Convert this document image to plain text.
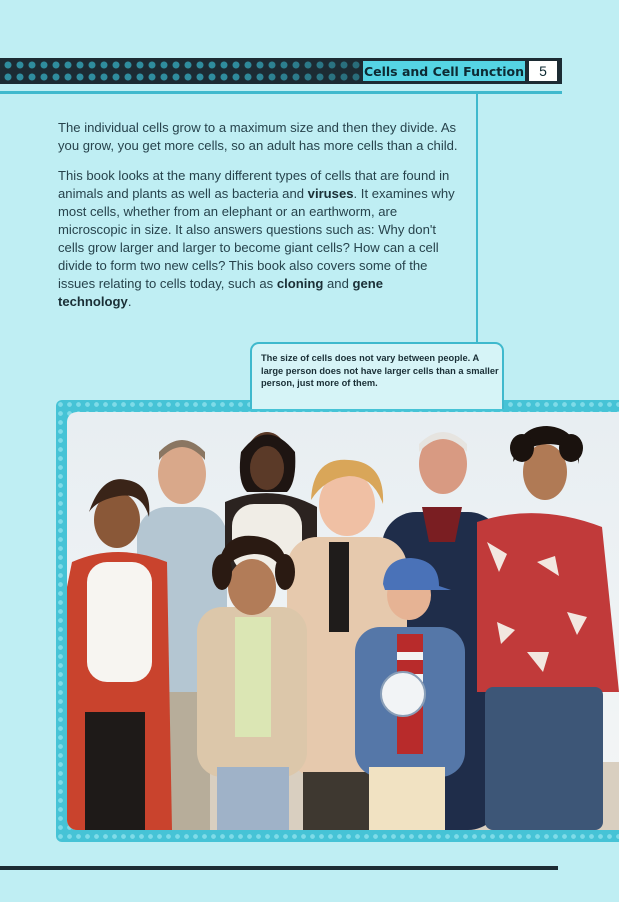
Cells and Cell Function	5

The individual cells grow to a maximum size and then they divide. As you grow, you get more cells, so an adult has more cells than a child.

This book looks at the many different types of cells that are found in animals and plants as well as bacteria and viruses. It examines why most cells, whether from an elephant or an earthworm, are microscopic in size. It also answers questions such as: Why don't cells grow larger and larger to become giant cells? How can a cell divide to form two new cells? This book also covers some of the issues relating to cells today, such as cloning and gene technology.

The size of cells does not vary between people. A large person does not have larger cells than a smaller person, just more of them.
